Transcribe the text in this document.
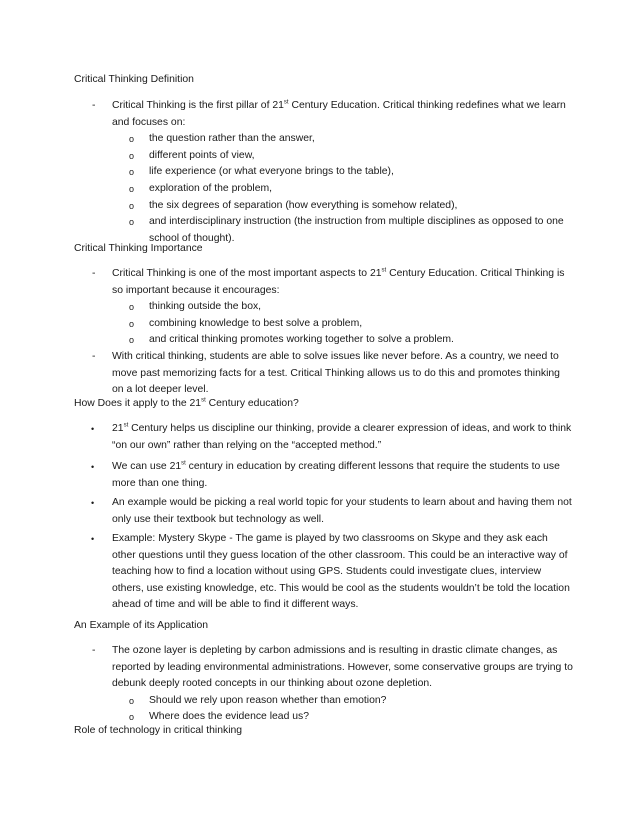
Critical Thinking Definition
- Critical Thinking is the first pillar of 21st Century Education. Critical thinking redefines what we learn and focuses on:
o the question rather than the answer,
o different points of view,
o life experience (or what everyone brings to the table),
o exploration of the problem,
o the six degrees of separation (how everything is somehow related),
o and interdisciplinary instruction (the instruction from multiple disciplines as opposed to one school of thought).
Critical Thinking Importance
- Critical Thinking is one of the most important aspects to 21st Century Education. Critical Thinking is so important because it encourages:
o thinking outside the box,
o combining knowledge to best solve a problem,
o and critical thinking promotes working together to solve a problem.
- With critical thinking, students are able to solve issues like never before. As a country, we need to move past memorizing facts for a test. Critical Thinking allows us to do this and promotes thinking on a lot deeper level.
How Does it apply to the 21st Century education?
• 21st Century helps us discipline our thinking, provide a clearer expression of ideas, and work to think “on our own” rather than relying on the “accepted method.”
• We can use 21st century in education by creating different lessons that require the students to use more than one thing.
• An example would be picking a real world topic for your students to learn about and having them not only use their textbook but technology as well.
• Example: Mystery Skype - The game is played by two classrooms on Skype and they ask each other questions until they guess location of the other classroom. This could be an interactive way of teaching how to find a location without using GPS. Students could investigate clues, interview others, use existing knowledge, etc. This would be cool as the students wouldn’t be told the location ahead of time and will be able to find it different ways.
An Example of its Application
- The ozone layer is depleting by carbon admissions and is resulting in drastic climate changes, as reported by leading environmental administrations. However, some conservative groups are trying to debunk deeply rooted concepts in our thinking about ozone depletion.
o Should we rely upon reason whether than emotion?
o Where does the evidence lead us?
Role of technology in critical thinking
